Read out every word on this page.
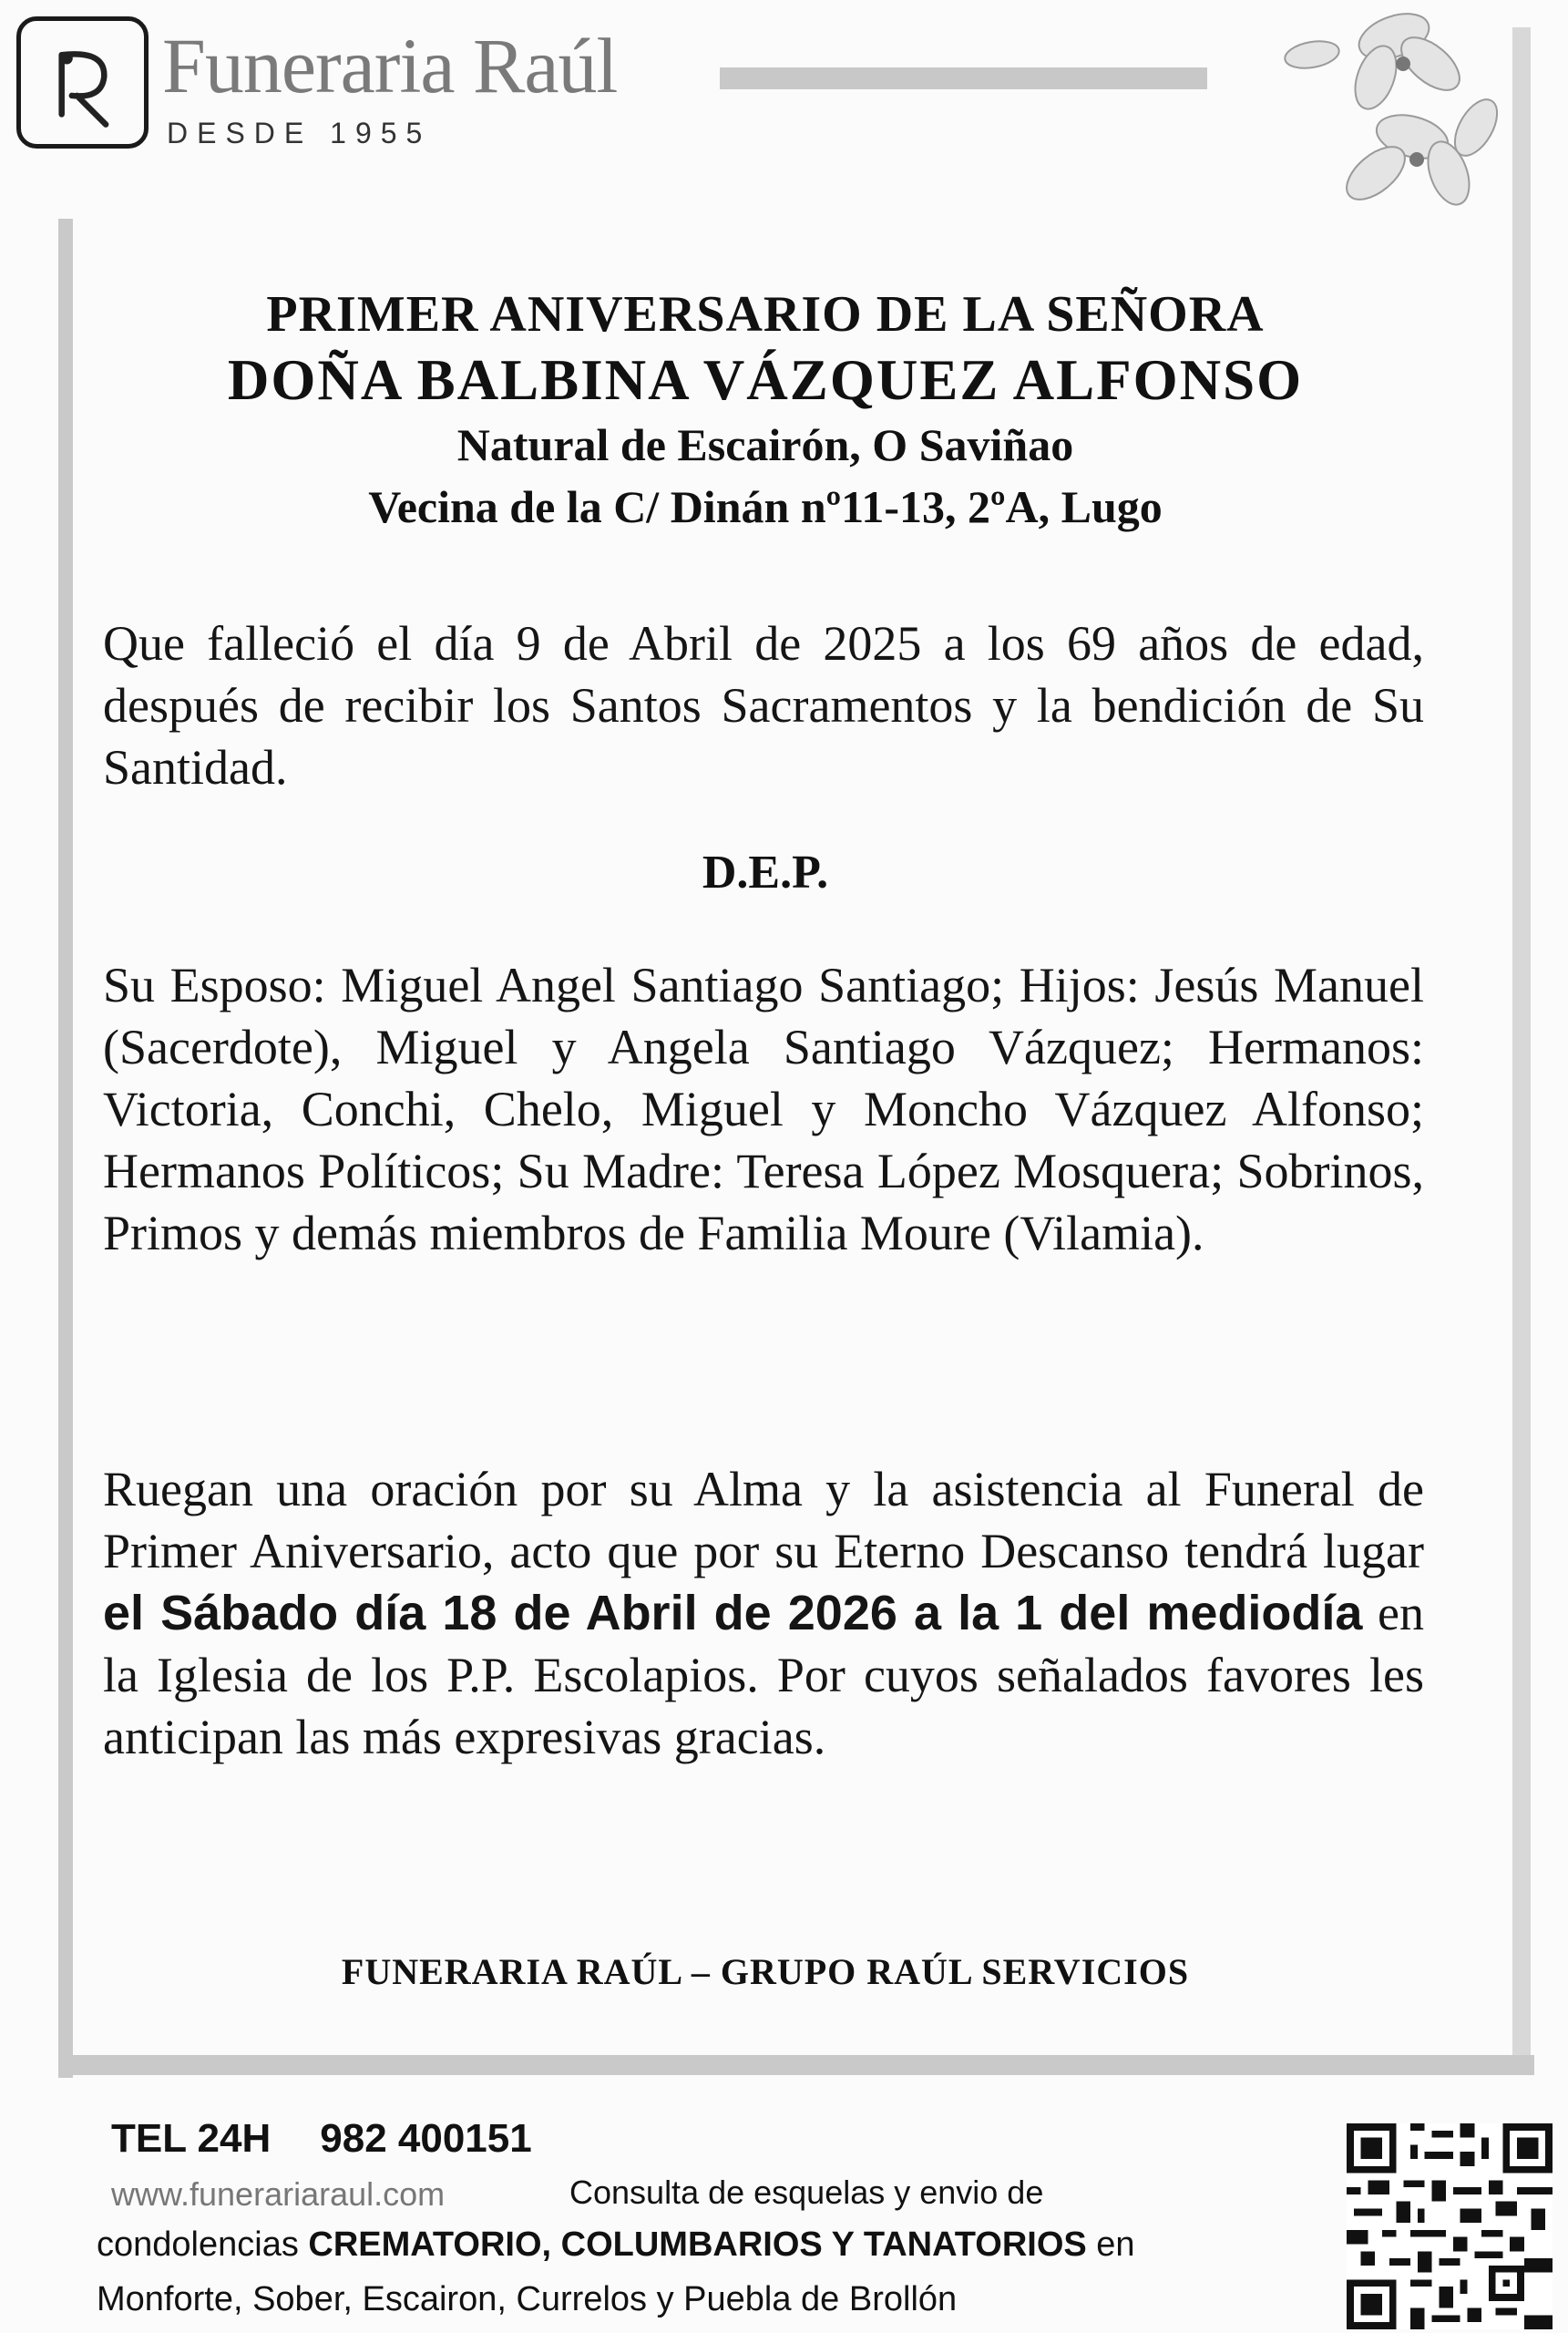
Funeraria Raúl
DESDE 1955
PRIMER ANIVERSARIO DE LA SEÑORA
DOÑA BALBINA VÁZQUEZ ALFONSO
Natural de Escairón, O Saviñao
Vecina de la C/ Dinán nº11-13, 2ºA, Lugo
Que falleció el día 9 de Abril de 2025 a los 69 años de edad, después de recibir los Santos Sacramentos y la bendición de Su Santidad.
D.E.P.
Su Esposo: Miguel Angel Santiago Santiago; Hijos: Jesús Manuel (Sacerdote), Miguel y Angela Santiago Vázquez; Hermanos: Victoria, Conchi, Chelo, Miguel y Moncho Vázquez Alfonso; Hermanos Políticos; Su Madre: Teresa López Mosquera; Sobrinos, Primos y demás miembros de Familia Moure (Vilamia).
Ruegan una oración por su Alma y la asistencia al Funeral de Primer Aniversario, acto que por su Eterno Descanso tendrá lugar el Sábado día 18 de Abril de 2026 a la 1 del mediodía en la Iglesia de los P.P. Escolapios. Por cuyos señalados favores les anticipan las más expresivas gracias.
FUNERARIA RAÚL – GRUPO RAÚL SERVICIOS
TEL 24H 982 400151
www.funerariaraul.com	Consulta de esquelas y envio de
condolencias CREMATORIO, COLUMBARIOS Y TANATORIOS en
Monforte, Sober, Escairon, Currelos y Puebla de Brollón
